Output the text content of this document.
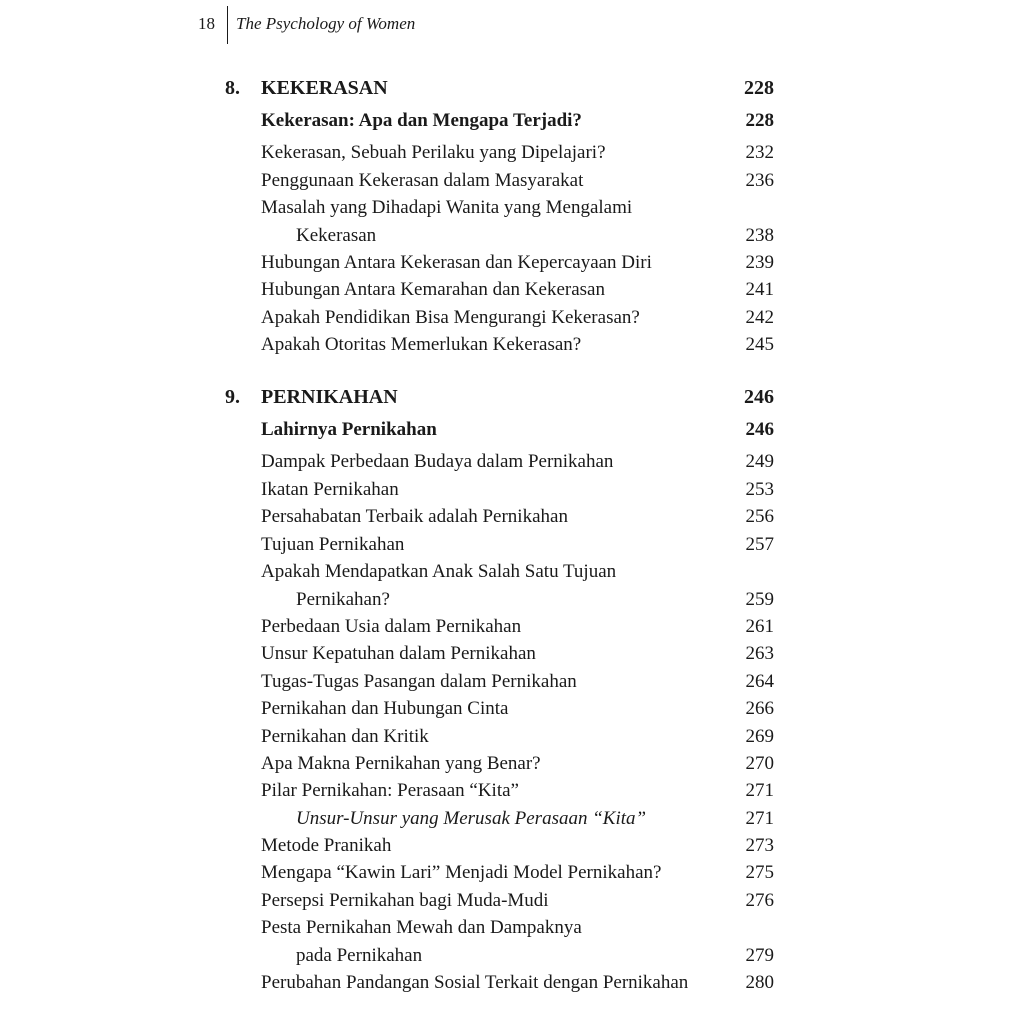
18 The Psychology of Women
8. KEKERASAN	228
Kekerasan: Apa dan Mengapa Terjadi?	228
Kekerasan, Sebuah Perilaku yang Dipelajari?	232
Penggunaan Kekerasan dalam Masyarakat	236
Masalah yang Dihadapi Wanita yang Mengalami
Kekerasan	238
Hubungan Antara Kekerasan dan Kepercayaan Diri	239
Hubungan Antara Kemarahan dan Kekerasan	241
Apakah Pendidikan Bisa Mengurangi Kekerasan?	242
Apakah Otoritas Memerlukan Kekerasan?	245
9. PERNIKAHAN	246
Lahirnya Pernikahan	246
Dampak Perbedaan Budaya dalam Pernikahan	249
Ikatan Pernikahan	253
Persahabatan Terbaik adalah Pernikahan	256
Tujuan Pernikahan	257
Apakah Mendapatkan Anak Salah Satu Tujuan
Pernikahan?	259
Perbedaan Usia dalam Pernikahan	261
Unsur Kepatuhan dalam Pernikahan	263
Tugas-Tugas Pasangan dalam Pernikahan	264
Pernikahan dan Hubungan Cinta	266
Pernikahan dan Kritik	269
Apa Makna Pernikahan yang Benar?	270
Pilar Pernikahan: Perasaan “Kita”	271
Unsur-Unsur yang Merusak Perasaan “Kita”	271
Metode Pranikah	273
Mengapa “Kawin Lari” Menjadi Model Pernikahan?	275
Persepsi Pernikahan bagi Muda-Mudi	276
Pesta Pernikahan Mewah dan Dampaknya
pada Pernikahan	279
Perubahan Pandangan Sosial Terkait dengan Pernikahan	280
